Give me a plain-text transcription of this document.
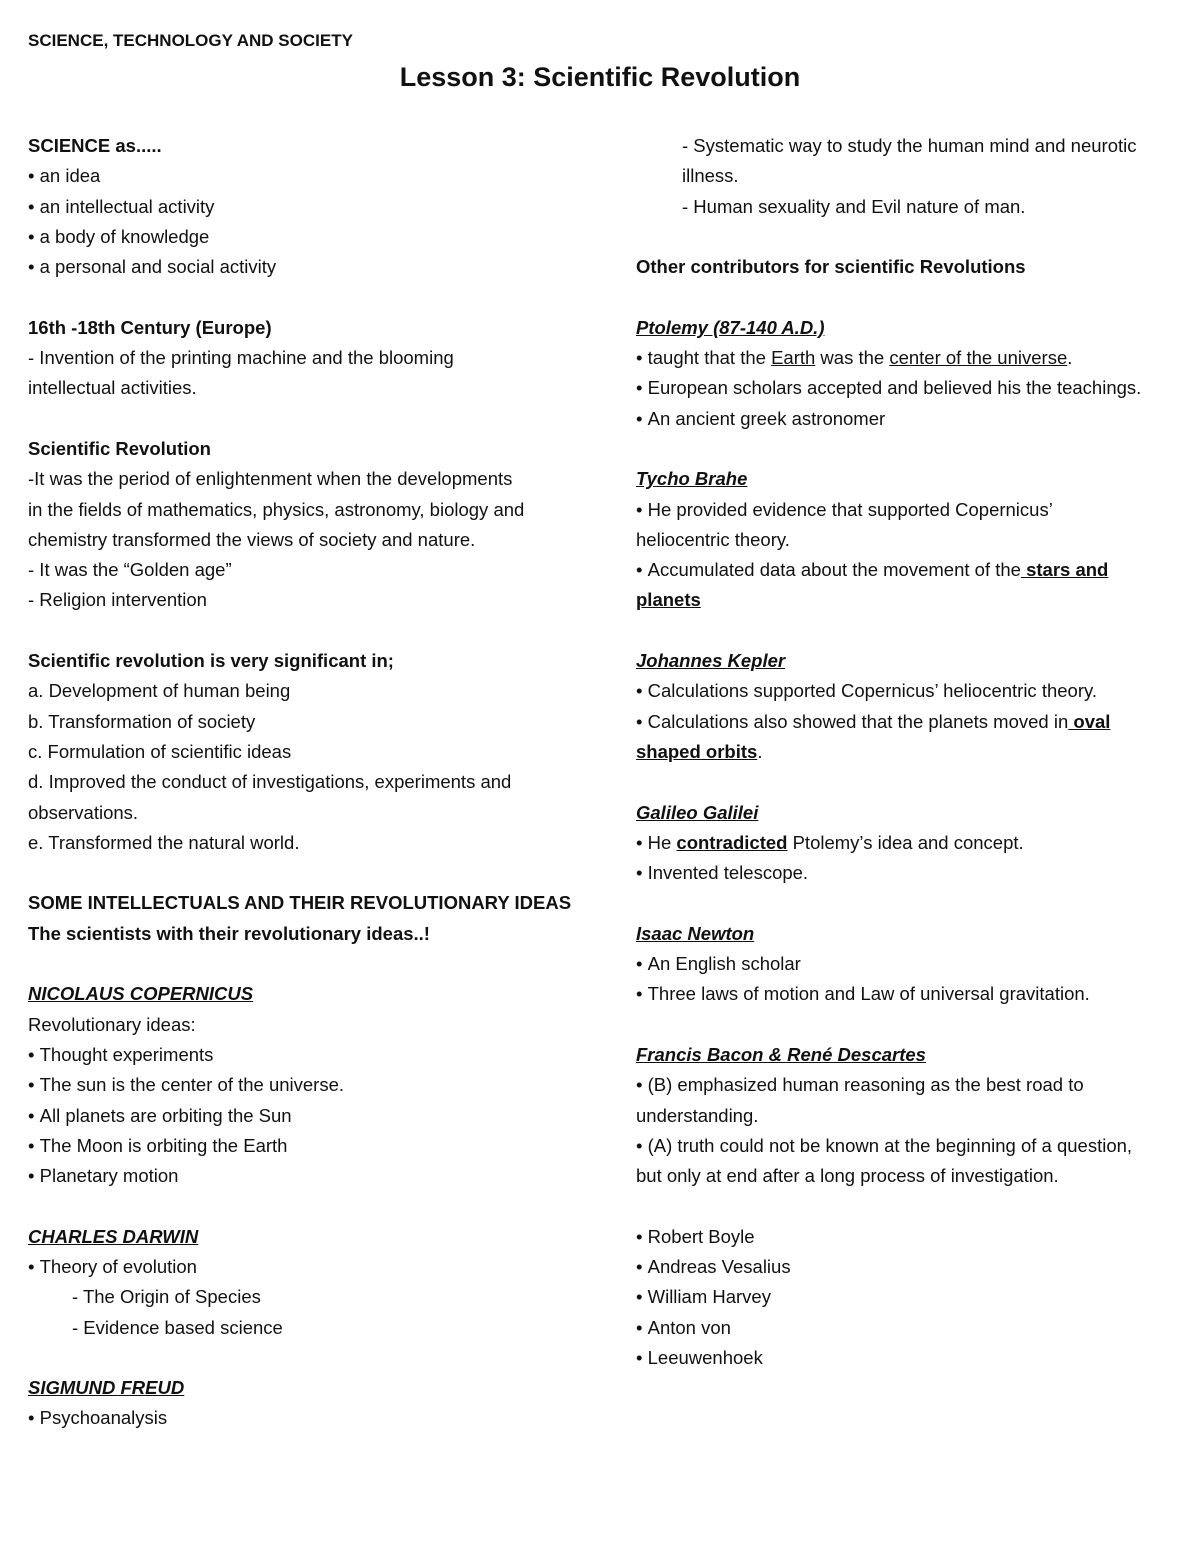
SCIENCE, TECHNOLOGY AND SOCIETY
Lesson 3: Scientific Revolution
SCIENCE as.....
• an idea
• an intellectual activity
• a body of knowledge
• a personal and social activity
16th -18th Century (Europe)
- Invention of the printing machine and the blooming
intellectual activities.
Scientific Revolution
-It was the period of enlightenment when the developments
in the fields of mathematics, physics, astronomy, biology and
chemistry transformed the views of society and nature.
- It was the “Golden age”
- Religion intervention
Scientific revolution is very significant in;
a. Development of human being
b. Transformation of society
c. Formulation of scientific ideas
d. Improved the conduct of investigations, experiments and
observations.
e. Transformed the natural world.
SOME INTELLECTUALS AND THEIR REVOLUTIONARY IDEAS
The scientists with their revolutionary ideas..!
NICOLAUS COPERNICUS
Revolutionary ideas:
• Thought experiments
• The sun is the center of the universe.
• All planets are orbiting the Sun
• The Moon is orbiting the Earth
• Planetary motion
CHARLES DARWIN
• Theory of evolution
- The Origin of Species
- Evidence based science
SIGMUND FREUD
• Psychoanalysis
- Systematic way to study the human mind and neurotic
illness.
- Human sexuality and Evil nature of man.
Other contributors for scientific Revolutions
Ptolemy (87-140 A.D.)
• taught that the Earth was the center of the universe.
• European scholars accepted and believed his the teachings.
• An ancient greek astronomer
Tycho Brahe
• He provided evidence that supported Copernicus’
heliocentric theory.
• Accumulated data about the movement of the stars and
planets
Johannes Kepler
• Calculations supported Copernicus’ heliocentric theory.
• Calculations also showed that the planets moved in oval
shaped orbits.
Galileo Galilei
• He contradicted Ptolemy’s idea and concept.
• Invented telescope.
Isaac Newton
• An English scholar
• Three laws of motion and Law of universal gravitation.
Francis Bacon & René Descartes
• (B) emphasized human reasoning as the best road to
understanding.
• (A) truth could not be known at the beginning of a question,
but only at end after a long process of investigation.
• Robert Boyle
• Andreas Vesalius
• William Harvey
• Anton von
• Leeuwenhoek
